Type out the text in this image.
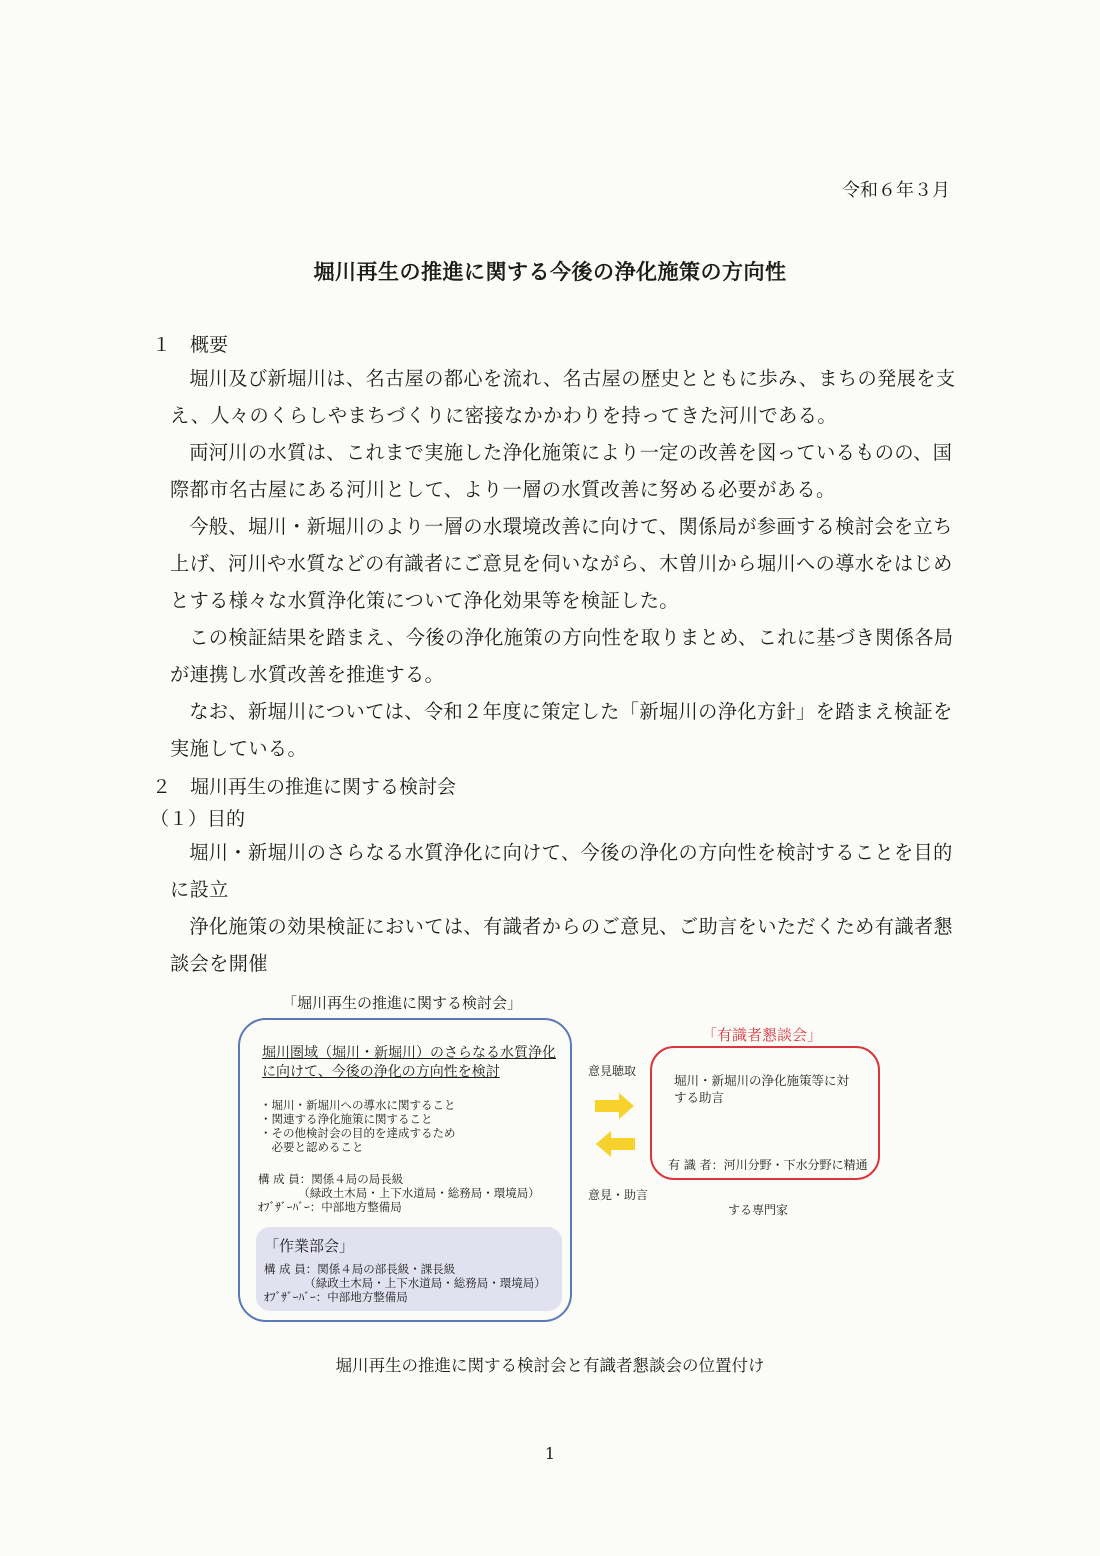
令和６年３月
堀川再生の推進に関する今後の浄化施策の方向性
１　概要

堀川及び新堀川は、名古屋の都心を流れ、名古屋の歴史とともに歩み、まちの発展を支え、人々のくらしやまちづくりに密接なかかわりを持ってきた河川である。

両河川の水質は、これまで実施した浄化施策により一定の改善を図っているものの、国際都市名古屋にある河川として、より一層の水質改善に努める必要がある。

今般、堀川・新堀川のより一層の水環境改善に向けて、関係局が参画する検討会を立ち上げ、河川や水質などの有識者にご意見を伺いながら、木曽川から堀川への導水をはじめとする様々な水質浄化策について浄化効果等を検証した。

この検証結果を踏まえ、今後の浄化施策の方向性を取りまとめ、これに基づき関係各局が連携し水質改善を推進する。

なお、新堀川については、令和２年度に策定した「新堀川の浄化方針」を踏まえ検証を実施している。

２　堀川再生の推進に関する検討会
（１）目的

堀川・新堀川のさらなる水質浄化に向けて、今後の浄化の方向性を検討することを目的に設立

浄化施策の効果検証においては、有識者からのご意見、ご助言をいただくため有識者懇談会を開催

「堀川再生の推進に関する検討会」
堀川圏域（堀川・新堀川）のさらなる水質浄化に向けて、今後の浄化の方向性を検討
・堀川・新堀川への導水に関すること
・関連する浄化施策に関すること
・その他検討会の目的を達成するため
　必要と認めること
構 成 員：関係４局の局長級
　　　　（緑政土木局・上下水道局・総務局・環境局）
ｵﾌﾞｻﾞｰﾊﾞｰ：中部地方整備局
「作業部会」
構 成 員：関係４局の部長級・課長級
　　　　（緑政土木局・上下水道局・総務局・環境局）
ｵﾌﾞｻﾞｰﾊﾞｰ：中部地方整備局
意見聴取
意見・助言
「有識者懇談会」
堀川・新堀川の浄化施策等に対する助言

有 識 者：河川分野・下水分野に精通

　　　　　する専門家

堀川再生の推進に関する検討会と有識者懇談会の位置付け
1
